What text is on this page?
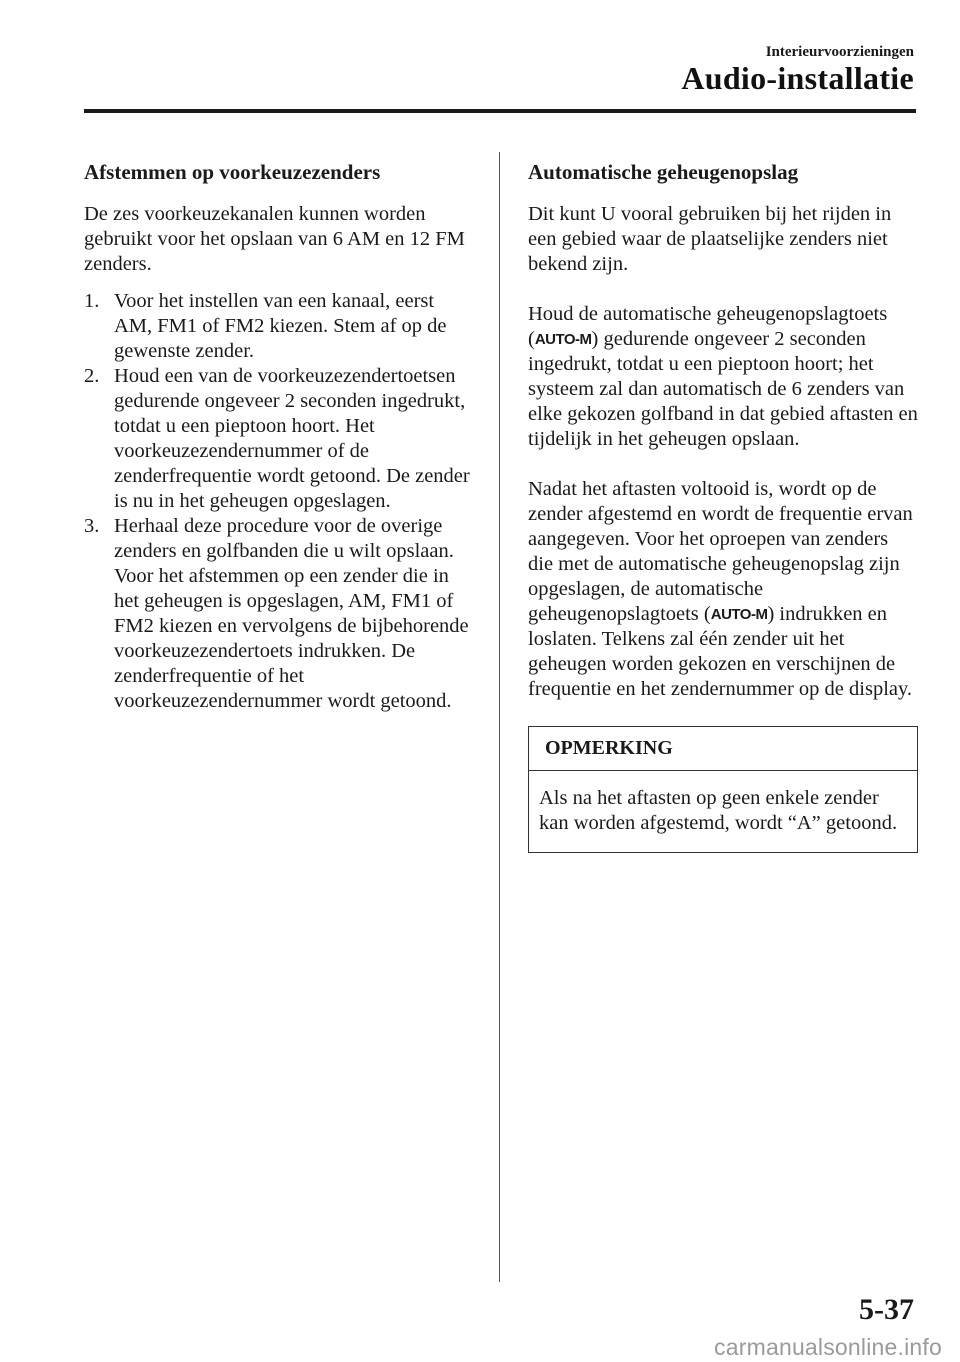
Interieurvoorzieningen
Audio-installatie
Afstemmen op voorkeuzezenders

De zes voorkeuzekanalen kunnen worden gebruikt voor het opslaan van 6 AM en 12 FM zenders.

1. Voor het instellen van een kanaal, eerst AM, FM1 of FM2 kiezen. Stem af op de gewenste zender.
2. Houd een van de voorkeuzezendertoetsen gedurende ongeveer 2 seconden ingedrukt, totdat u een pieptoon hoort. Het voorkeuzezendernummer of de zenderfrequentie wordt getoond. De zender is nu in het geheugen opgeslagen.
3. Herhaal deze procedure voor de overige zenders en golfbanden die u wilt opslaan. Voor het afstemmen op een zender die in het geheugen is opgeslagen, AM, FM1 of FM2 kiezen en vervolgens de bijbehorende voorkeuzezendertoets indrukken. De zenderfrequentie of het voorkeuzezendernummer wordt getoond.
Automatische geheugenopslag

Dit kunt U vooral gebruiken bij het rijden in een gebied waar de plaatselijke zenders niet bekend zijn.

Houd de automatische geheugenopslagtoets (AUTO-M) gedurende ongeveer 2 seconden ingedrukt, totdat u een pieptoon hoort; het systeem zal dan automatisch de 6 zenders van elke gekozen golfband in dat gebied aftasten en tijdelijk in het geheugen opslaan.

Nadat het aftasten voltooid is, wordt op de zender afgestemd en wordt de frequentie ervan aangegeven. Voor het oproepen van zenders die met de automatische geheugenopslag zijn opgeslagen, de automatische geheugenopslagtoets (AUTO-M) indrukken en loslaten. Telkens zal één zender uit het geheugen worden gekozen en verschijnen de frequentie en het zendernummer op de display.

OPMERKING
Als na het aftasten op geen enkele zender kan worden afgestemd, wordt “A” getoond.
5-37
carmanualsonline.info
